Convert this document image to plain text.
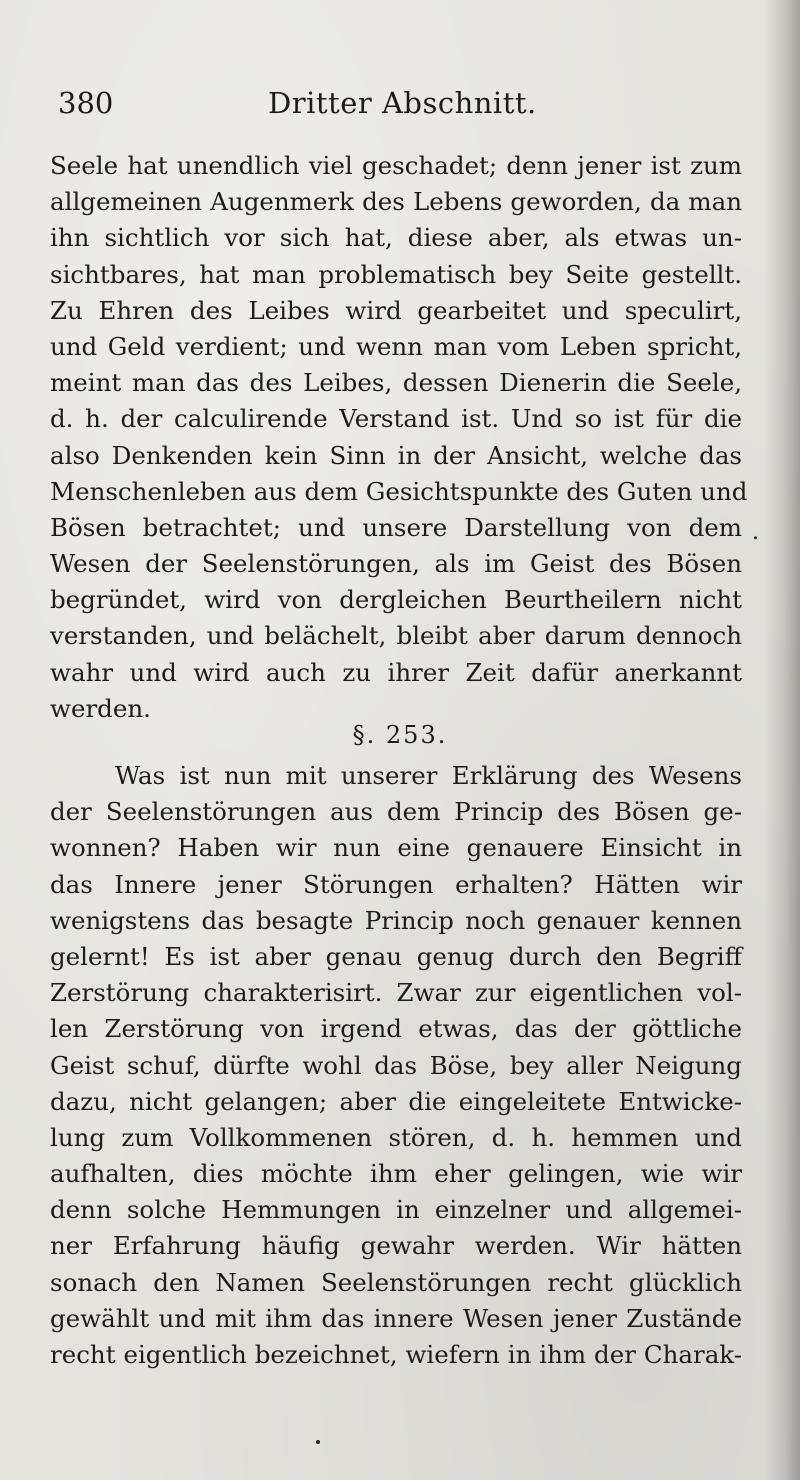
380	Dritter Abschnitt.
Seele hat unendlich viel geschadet; denn jener ist zum
allgemeinen Augenmerk des Lebens geworden, da man
ihn sichtlich vor sich hat, diese aber, als etwas un-
sichtbares, hat man problematisch bey Seite gestellt.
Zu Ehren des Leibes wird gearbeitet und speculirt,
und Geld verdient; und wenn man vom Leben spricht,
meint man das des Leibes, dessen Dienerin die Seele,
d. h. der calculirende Verstand ist. Und so ist für die
also Denkenden kein Sinn in der Ansicht, welche das
Menschenleben aus dem Gesichtspunkte des Guten und
Bösen betrachtet; und unsere Darstellung von dem
Wesen der Seelenstörungen, als im Geist des Bösen
begründet, wird von dergleichen Beurtheilern nicht
verstanden, und belächelt, bleibt aber darum dennoch
wahr und wird auch zu ihrer Zeit dafür anerkannt
werden.
.
§. 253.
Was ist nun mit unserer Erklärung des Wesens
der Seelenstörungen aus dem Princip des Bösen ge-
wonnen? Haben wir nun eine genauere Einsicht in
das Innere jener Störungen erhalten? Hätten wir
wenigstens das besagte Princip noch genauer kennen
gelernt! Es ist aber genau genug durch den Begriff
Zerstörung charakterisirt. Zwar zur eigentlichen vol-
len Zerstörung von irgend etwas, das der göttliche
Geist schuf, dürfte wohl das Böse, bey aller Neigung
dazu, nicht gelangen; aber die eingeleitete Entwicke-
lung zum Vollkommenen stören, d. h. hemmen und
aufhalten, dies möchte ihm eher gelingen, wie wir
denn solche Hemmungen in einzelner und allgemei-
ner Erfahrung häufig gewahr werden. Wir hätten
sonach den Namen Seelenstörungen recht glücklich
gewählt und mit ihm das innere Wesen jener Zustände
recht eigentlich bezeichnet, wiefern in ihm der Charak-
